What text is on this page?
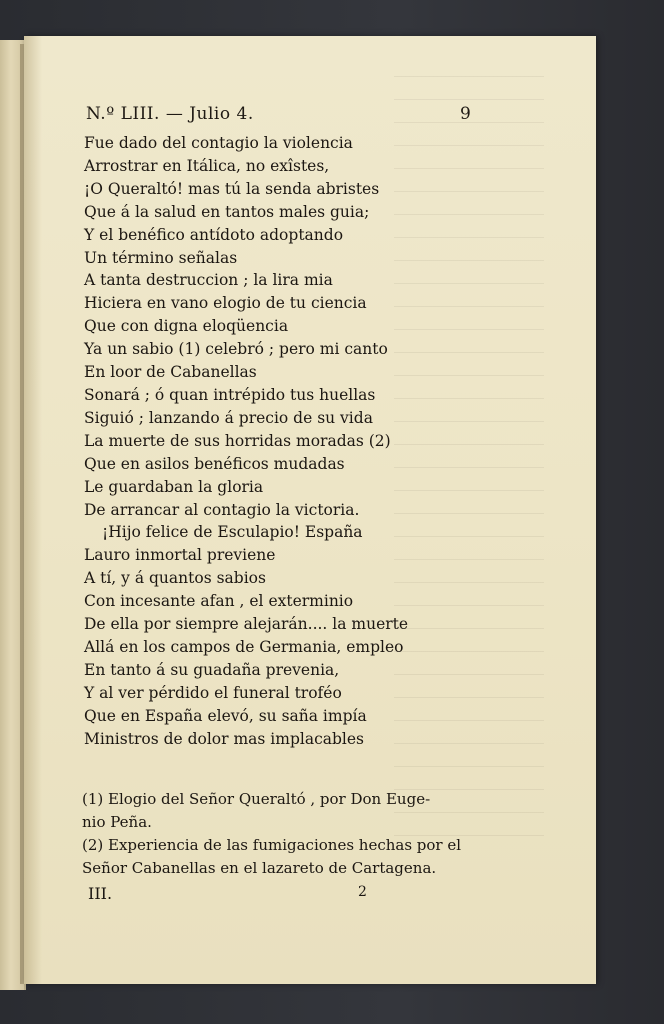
N.º LIII. — Julio 4.	9
Fue dado del contagio la violencia
Arrostrar en Itálica, no exîstes,
¡O Queraltó! mas tú la senda abristes
Que á la salud en tantos males guia;
Y el benéfico antídoto adoptando
Un término señalas
A tanta destruccion ; la lira mia
Hiciera en vano elogio de tu ciencia
Que con digna eloqüencia
Ya un sabio (1) celebró ; pero mi canto
En loor de Cabanellas
Sonará ; ó quan intrépido tus huellas
Siguió ; lanzando á precio de su vida
La muerte de sus horridas moradas (2)
Que en asilos benéficos mudadas
Le guardaban la gloria
De arrancar al contagio la victoria.
¡Hijo felice de Esculapio! España
Lauro inmortal previene
A tí, y á quantos sabios
Con incesante afan , el exterminio
De ella por siempre alejarán.... la muerte
Allá en los campos de Germania, empleo
En tanto á su guadaña prevenia,
Y al ver pérdido el funeral troféo
Que en España elevó, su saña impía
Ministros de dolor mas implacables
(1) Elogio del Señor Queraltó , por Don Euge-
nio Peña.
(2) Experiencia de las fumigaciones hechas por el
Señor Cabanellas en el lazareto de Cartagena.
III.	2
